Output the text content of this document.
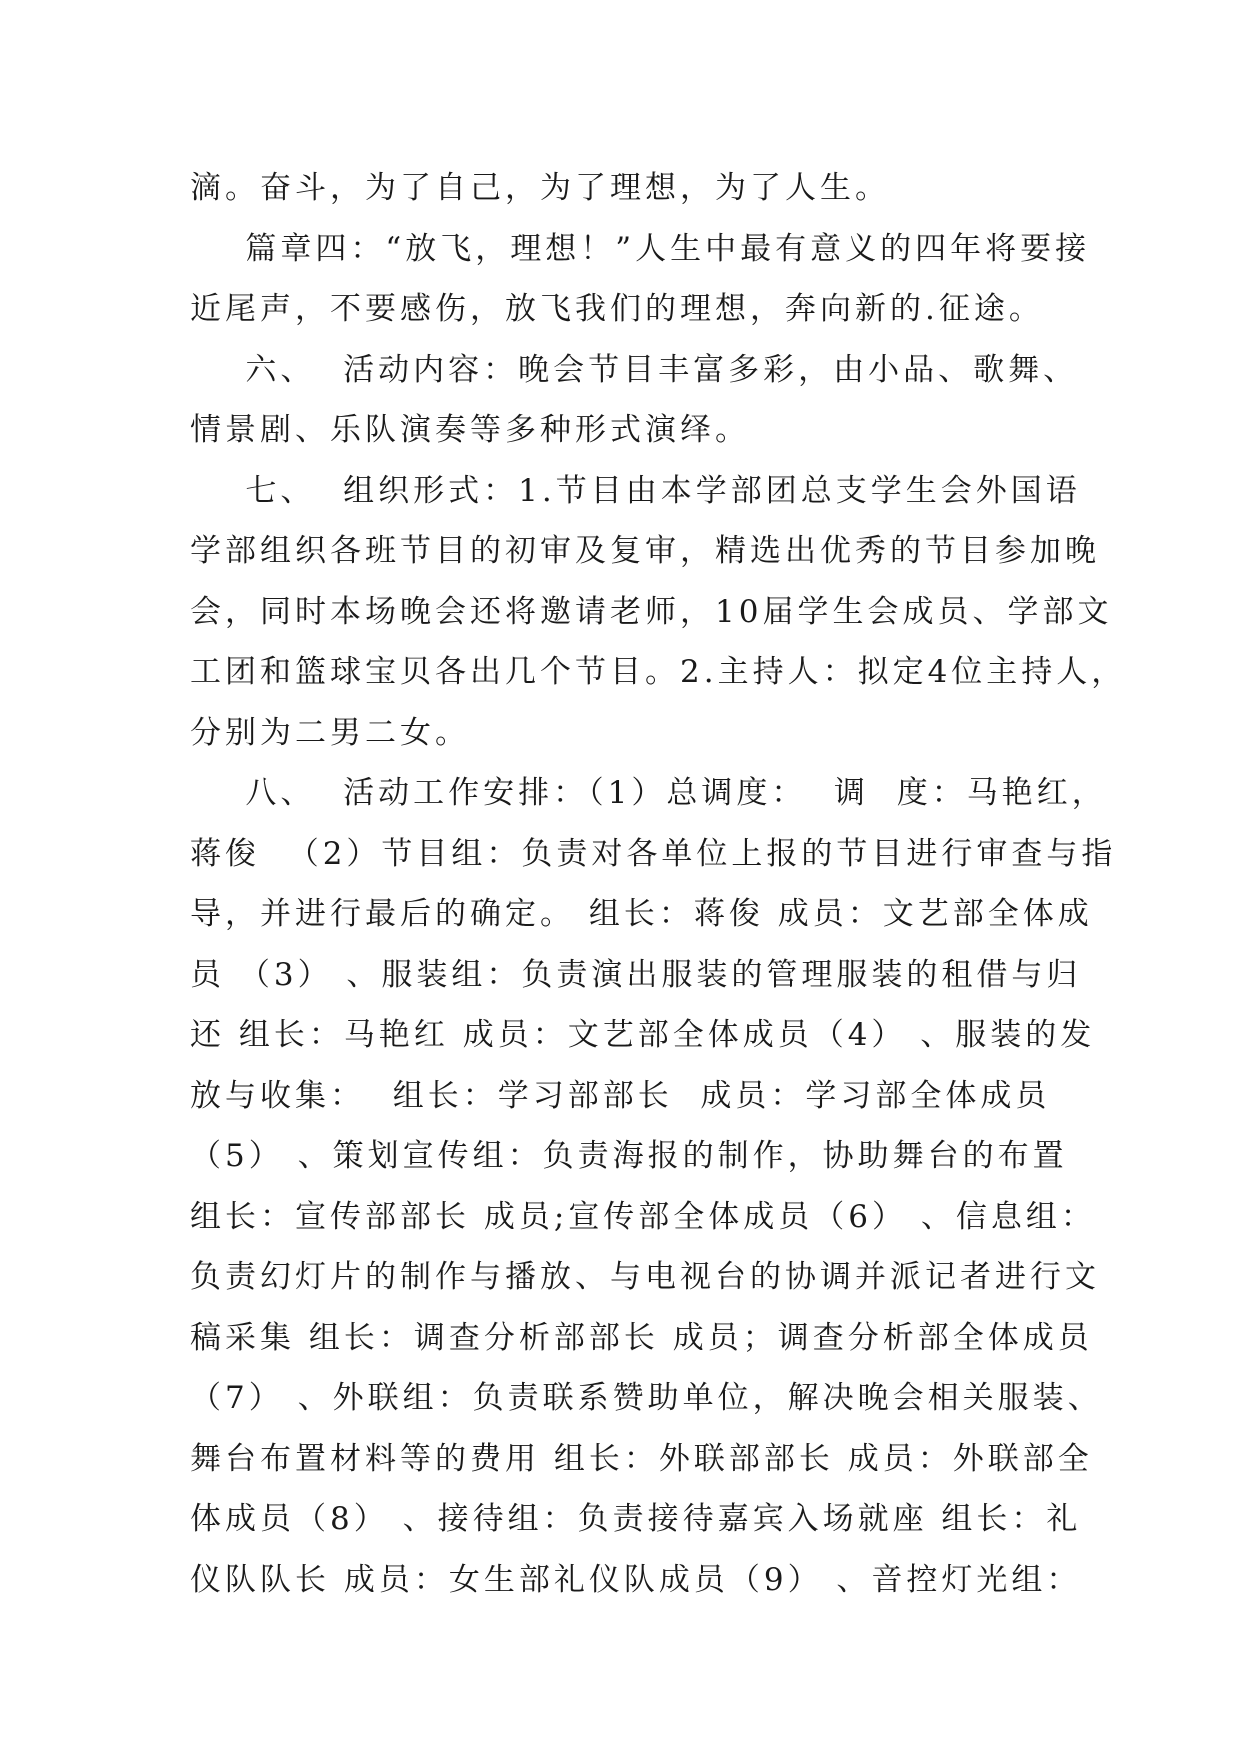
滴。奋斗，为了自己，为了理想，为了人生。
篇章四：“放飞，理想！”人生中最有意义的四年将要接
近尾声，不要感伤，放飞我们的理想，奔向新的.征途。
六、  活动内容：晚会节目丰富多彩，由小品、歌舞、
情景剧、乐队演奏等多种形式演绎。
七、  组织形式：1.节目由本学部团总支学生会外国语
学部组织各班节目的初审及复审，精选出优秀的节目参加晚
会，同时本场晚会还将邀请老师，10届学生会成员、学部文
工团和篮球宝贝各出几个节目。2.主持人：拟定4位主持人，
分别为二男二女。
八、  活动工作安排：（1）总调度：  调  度：马艳红，
蒋俊  （2）节目组：负责对各单位上报的节目进行审查与指
导，并进行最后的确定。 组长：蒋俊 成员：文艺部全体成
员 （3） 、服装组：负责演出服装的管理服装的租借与归
还 组长：马艳红 成员：文艺部全体成员（4） 、服装的发
放与收集：  组长：学习部部长  成员：学习部全体成员
（5） 、策划宣传组：负责海报的制作，协助舞台的布置
组长：宣传部部长 成员;宣传部全体成员（6） 、信息组：
负责幻灯片的制作与播放、与电视台的协调并派记者进行文
稿采集 组长：调查分析部部长 成员；调查分析部全体成员
（7） 、外联组：负责联系赞助单位，解决晚会相关服装、
舞台布置材料等的费用 组长：外联部部长 成员：外联部全
体成员（8） 、接待组：负责接待嘉宾入场就座 组长：礼
仪队队长 成员：女生部礼仪队成员（9） 、音控灯光组：
